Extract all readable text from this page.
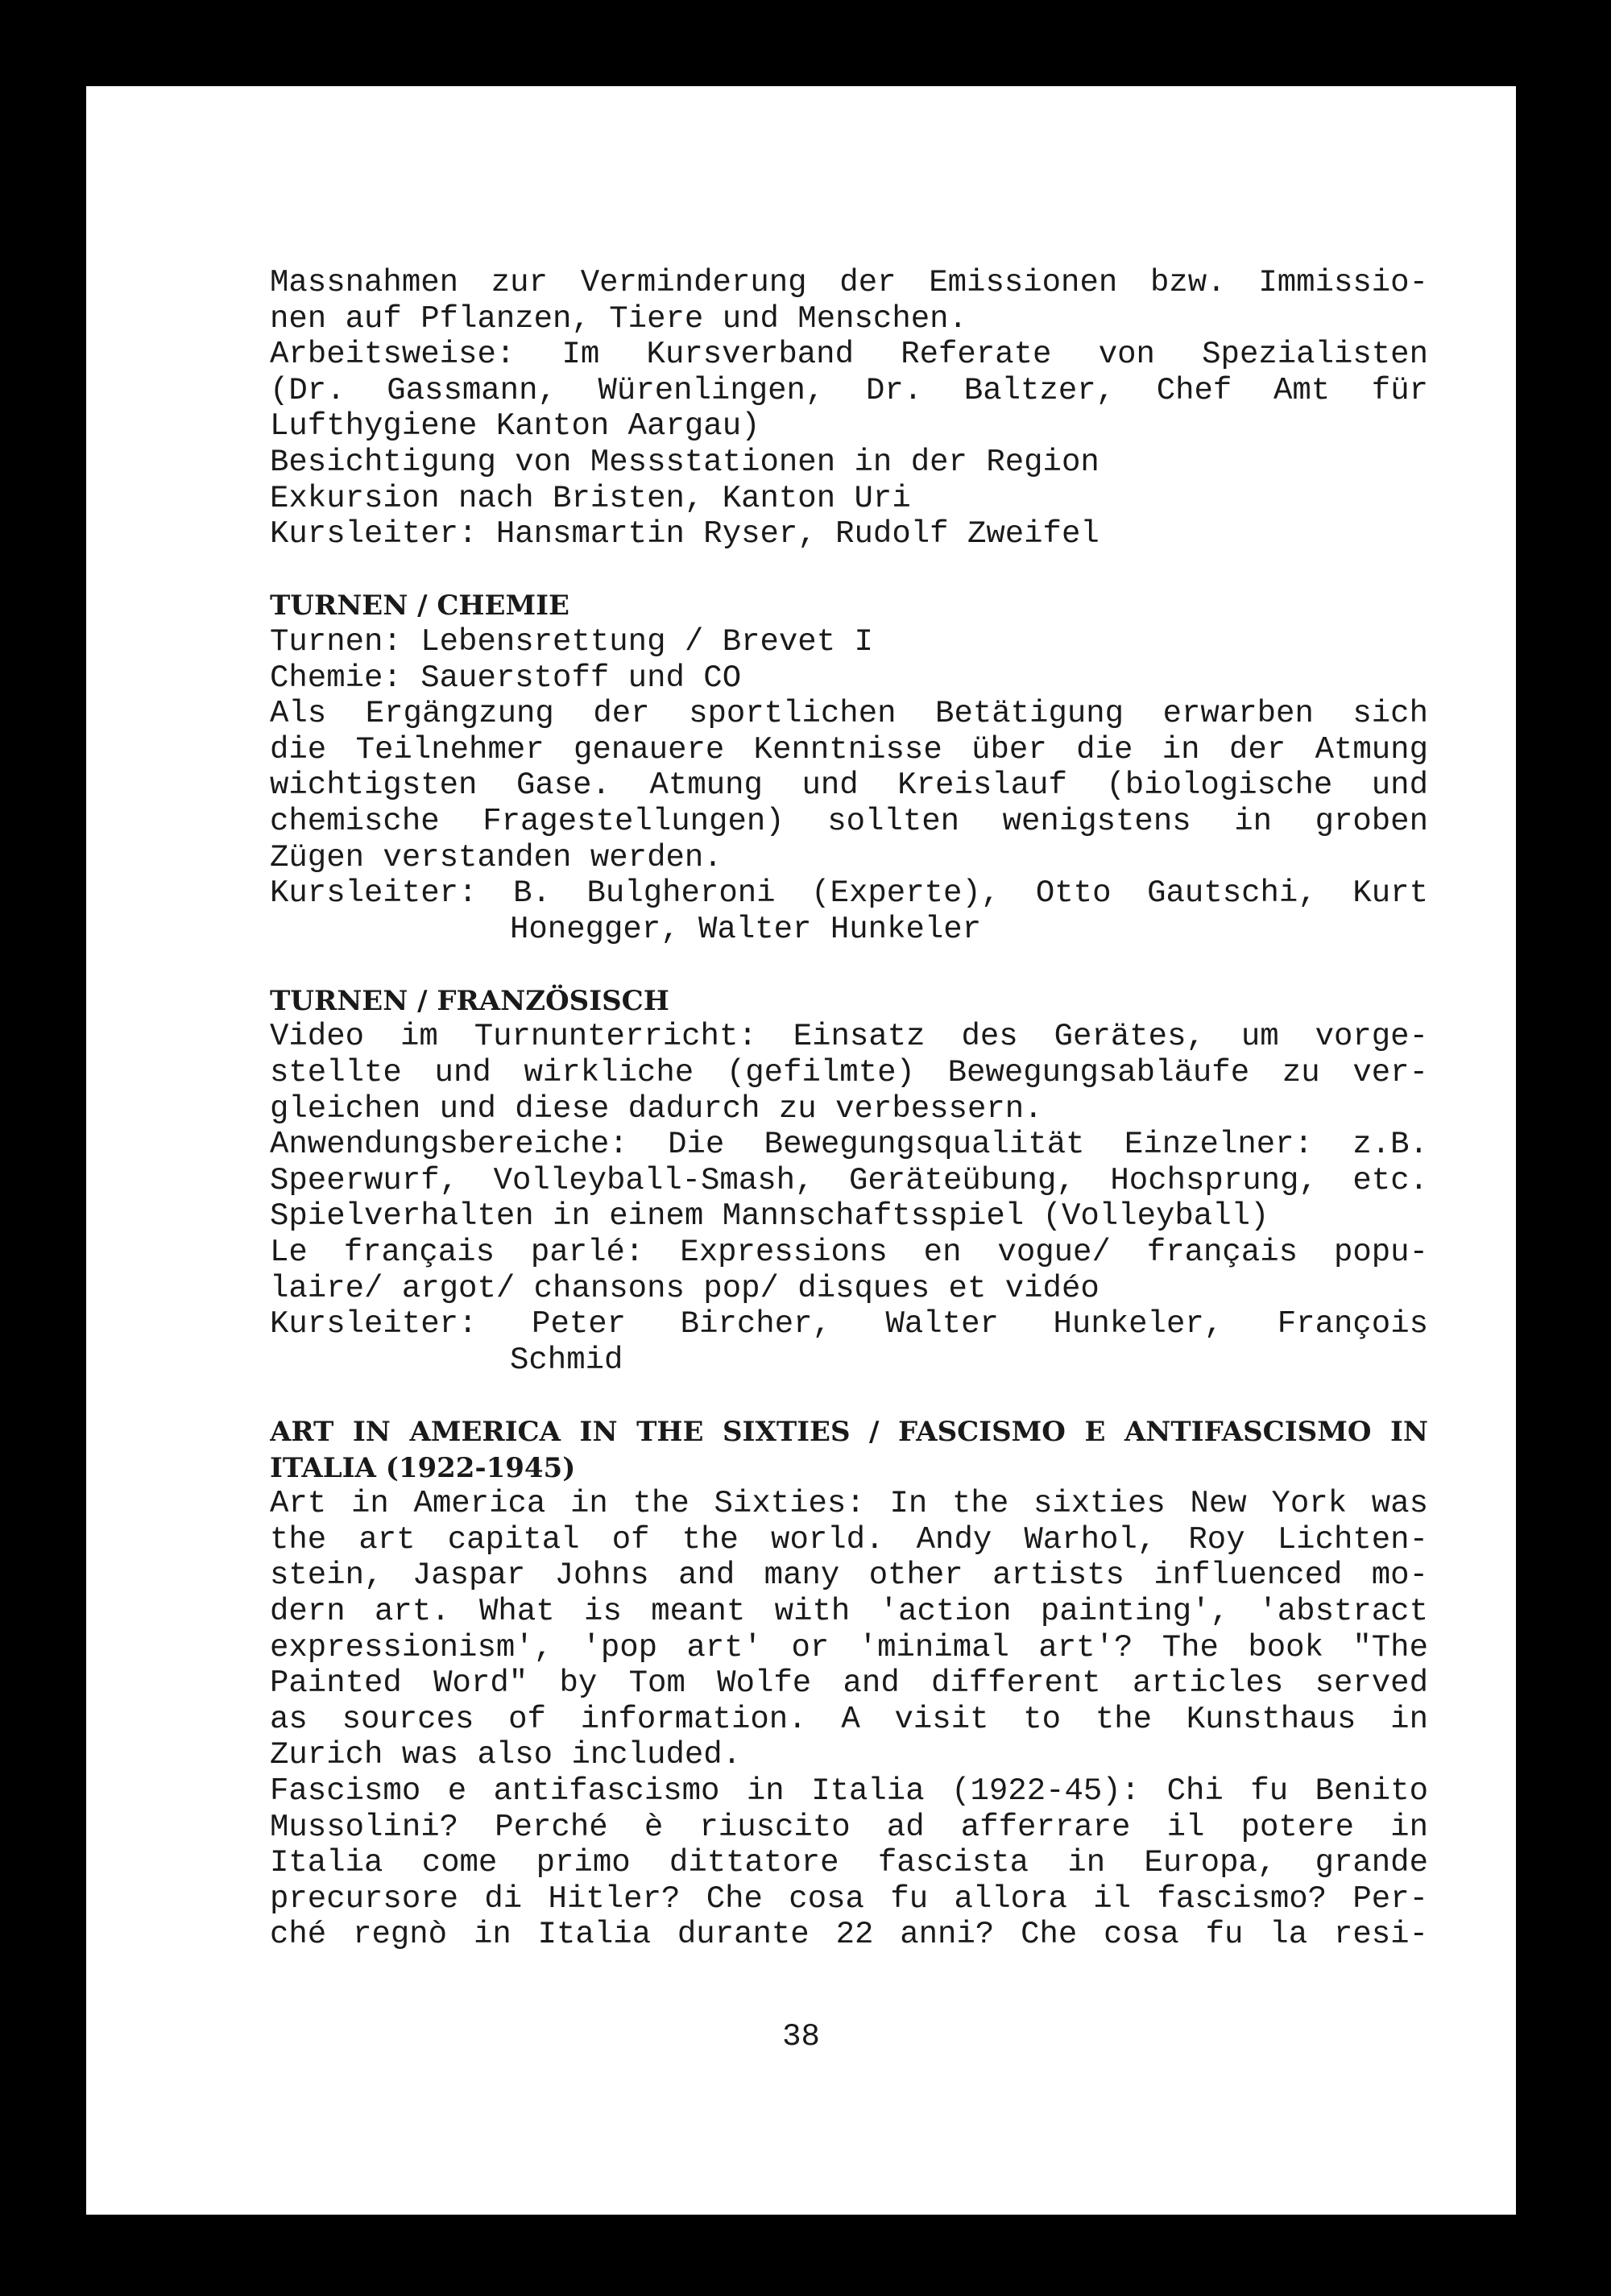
Massnahmen zur Verminderung der Emissionen bzw. Immissio-
nen auf Pflanzen, Tiere und Menschen.
Arbeitsweise: Im Kursverband Referate von Spezialisten
(Dr. Gassmann, Würenlingen, Dr. Baltzer, Chef Amt für
Lufthygiene Kanton Aargau)
Besichtigung von Messstationen in der Region
Exkursion nach Bristen, Kanton Uri
Kursleiter: Hansmartin Ryser, Rudolf Zweifel
TURNEN / CHEMIE
Turnen: Lebensrettung / Brevet I
Chemie: Sauerstoff und CO
Als Ergängzung der sportlichen Betätigung erwarben sich
die Teilnehmer genauere Kenntnisse über die in der Atmung
wichtigsten Gase. Atmung und Kreislauf (biologische und
chemische Fragestellungen) sollten wenigstens in groben
Zügen verstanden werden.
Kursleiter: B. Bulgheroni (Experte), Otto Gautschi, Kurt
Honegger, Walter Hunkeler
TURNEN / FRANZÖSISCH
Video im Turnunterricht: Einsatz des Gerätes, um vorge-
stellte und wirkliche (gefilmte) Bewegungsabläufe zu ver-
gleichen und diese dadurch zu verbessern.
Anwendungsbereiche: Die Bewegungsqualität Einzelner: z.B.
Speerwurf, Volleyball-Smash, Geräteübung, Hochsprung, etc.
Spielverhalten in einem Mannschaftsspiel (Volleyball)
Le français parlé: Expressions en vogue/ français popu-
laire/ argot/ chansons pop/ disques et vidéo
Kursleiter: Peter Bircher, Walter Hunkeler, François
Schmid
ART IN AMERICA IN THE SIXTIES / FASCISMO E ANTIFASCISMO IN
ITALIA (1922-1945)
Art in America in the Sixties: In the sixties New York was
the art capital of the world. Andy Warhol, Roy Lichten-
stein, Jaspar Johns and many other artists influenced mo-
dern art. What is meant with 'action painting', 'abstract
expressionism', 'pop art' or 'minimal art'? The book "The
Painted Word" by Tom Wolfe and different articles served
as sources of information. A visit to the Kunsthaus in
Zurich was also included.
Fascismo e antifascismo in Italia (1922-45): Chi fu Benito
Mussolini? Perché è riuscito ad afferrare il potere in
Italia come primo dittatore fascista in Europa, grande
precursore di Hitler? Che cosa fu allora il fascismo? Per-
ché regnò in Italia durante 22 anni? Che cosa fu la resi-
38
